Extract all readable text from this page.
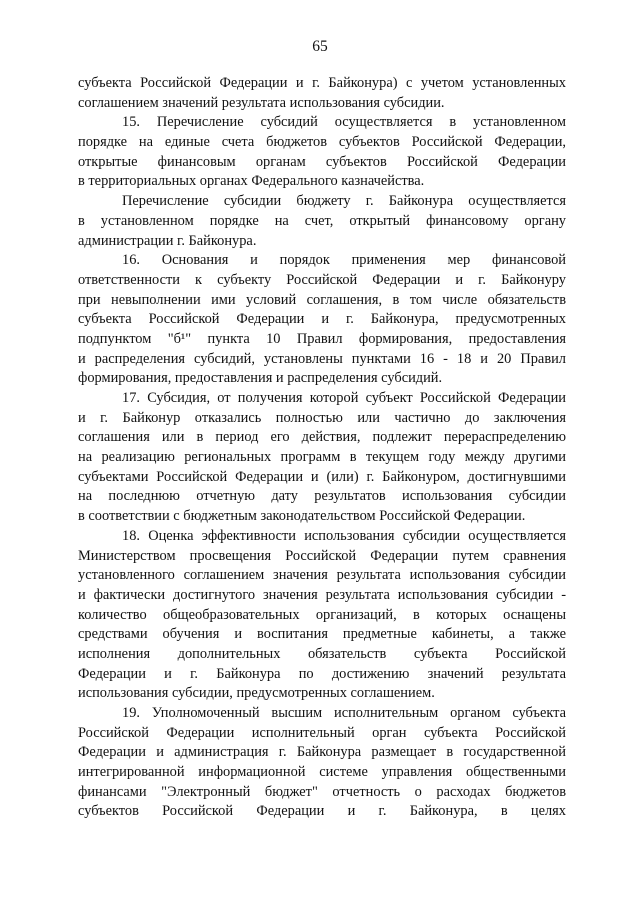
65
субъекта Российской Федерации и г. Байконура) с учетом установленных
соглашением значений результата использования субсидии.
15. Перечисление субсидий осуществляется в установленном
порядке на единые счета бюджетов субъектов Российской Федерации,
открытые финансовым органам субъектов Российской Федерации
в территориальных органах Федерального казначейства.
Перечисление субсидии бюджету г. Байконура осуществляется
в установленном порядке на счет, открытый финансовому органу
администрации г. Байконура.
16. Основания и порядок применения мер финансовой
ответственности к субъекту Российской Федерации и г. Байконуру
при невыполнении ими условий соглашения, в том числе обязательств
субъекта Российской Федерации и г. Байконура, предусмотренных
подпунктом "б¹" пункта 10 Правил формирования, предоставления
и распределения субсидий, установлены пунктами 16 - 18 и 20 Правил
формирования, предоставления и распределения субсидий.
17. Субсидия, от получения которой субъект Российской Федерации
и г. Байконур отказались полностью или частично до заключения
соглашения или в период его действия, подлежит перераспределению
на реализацию региональных программ в текущем году между другими
субъектами Российской Федерации и (или) г. Байконуром, достигнувшими
на последнюю отчетную дату результатов использования субсидии
в соответствии с бюджетным законодательством Российской Федерации.
18. Оценка эффективности использования субсидии осуществляется
Министерством просвещения Российской Федерации путем сравнения
установленного соглашением значения результата использования субсидии
и фактически достигнутого значения результата использования субсидии -
количество общеобразовательных организаций, в которых оснащены
средствами обучения и воспитания предметные кабинеты, а также
исполнения дополнительных обязательств субъекта Российской
Федерации и г. Байконура по достижению значений результата
использования субсидии, предусмотренных соглашением.
19. Уполномоченный высшим исполнительным органом субъекта
Российской Федерации исполнительный орган субъекта Российской
Федерации и администрация г. Байконура размещает в государственной
интегрированной информационной системе управления общественными
финансами "Электронный бюджет" отчетность о расходах бюджетов
субъектов Российской Федерации и г. Байконура, в целях
